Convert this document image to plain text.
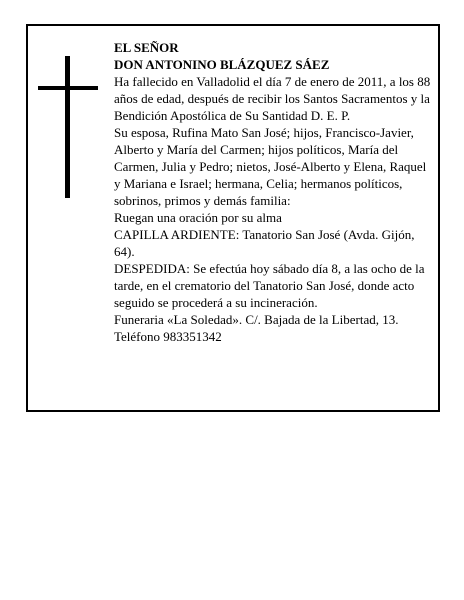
EL SEÑOR

DON ANTONINO BLÁZQUEZ SÁEZ

Ha fallecido en Valladolid el día 7 de enero de 2011, a los 88 años de edad, después de recibir los Santos Sacramentos y la Bendición Apostólica de Su Santidad D. E. P.

Su esposa, Rufina Mato San José; hijos, Francisco-Javier, Alberto y María del Carmen; hijos políticos, María del Carmen, Julia y Pedro; nietos, José-Alberto y Elena, Raquel y Mariana e Israel; hermana, Celia; hermanos políticos, sobrinos, primos y demás familia:

Ruegan una oración por su alma

CAPILLA ARDIENTE: Tanatorio San José (Avda. Gijón, 64).

DESPEDIDA: Se efectúa hoy sábado día 8, a las ocho de la tarde, en el crematorio del Tanatorio San José, donde acto seguido se procederá a su incineración.

Funeraria «La Soledad». C/. Bajada de la Libertad, 13. Teléfono 983351342
